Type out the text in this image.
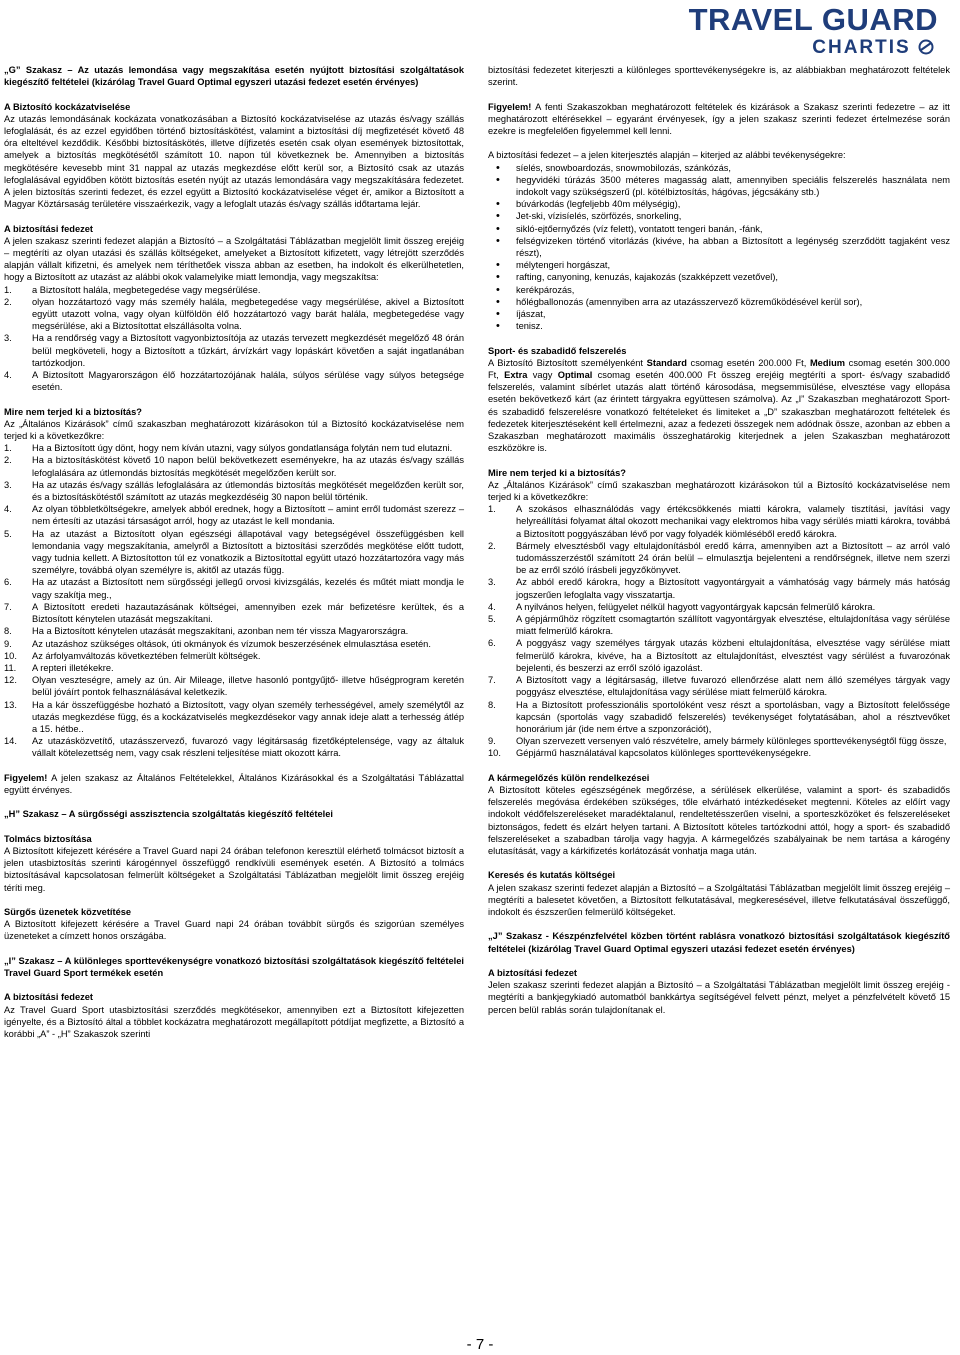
TRAVEL GUARD
CHARTIS
„G” Szakasz – Az utazás lemondása vagy megszakítása esetén nyújtott biztosítási szolgáltatások kiegészítő feltételei (kizárólag Travel Guard Optimal egyszeri utazási fedezet esetén érvényes)
A Biztosító kockázatviselése

Az utazás lemondásának kockázata vonatkozásában a Biztosító kockázatviselése az utazás és/vagy szállás lefoglalását, és az ezzel egyidőben történő biztosításkötést, valamint a biztosítási díj megfizetését követő 48 óra elteltével kezdődik. Későbbi biztosításkötés, illetve díjfizetés esetén csak olyan események biztosítottak, amelyek a biztosítás megkötésétől számított 10. napon túl következnek be. Amennyiben a biztosítás megkötésére kevesebb mint 31 nappal az utazás megkezdése előtt kerül sor, a Biztosító csak az utazás lefoglalásával egyidőben kötött biztosítás esetén nyújt az utazás lemondására vagy megszakítására fedezetet. A jelen biztosítás szerinti fedezet, és ezzel együtt a Biztosító kockázatviselése véget ér, amikor a Biztosított a Magyar Köztársaság területére visszaérkezik, vagy a lefoglalt utazás és/vagy szállás időtartama lejár.

A biztosítási fedezet

A jelen szakasz szerinti fedezet alapján a Biztosító – a Szolgáltatási Táblázatban megjelölt limit összeg erejéig – megtéríti az olyan utazási és szállás költségeket, amelyeket a Biztosított kifizetett, vagy létrejött szerződés alapján vállalt kifizetni, és amelyek nem téríthetőek vissza abban az esetben, ha indokolt és elkerülhetetlen, hogy a Biztosított az utazást az alábbi okok valamelyike miatt lemondja, vagy megszakítsa:

1. a Biztosított halála, megbetegedése vagy megsérülése.
2. olyan hozzátartozó vagy más személy halála, megbetegedése vagy megsérülése, akivel a Biztosított együtt utazott volna, vagy olyan külföldön élő hozzátartozó vagy barát halála, megbetegedése vagy megsérülése, aki a Biztosítottat elszállásolta volna.
3. Ha a rendőrség vagy a Biztosított vagyonbiztosítója az utazás tervezett megkezdését megelőző 48 órán belül megköveteli, hogy a Biztosított a tűzkárt, árvízkárt vagy lopáskárt követően a saját ingatlanában tartózkodjon.
4. A Biztosított Magyarországon élő hozzátartozójának halála, súlyos sérülése vagy súlyos betegsége esetén.
Mire nem terjed ki a biztosítás?

Az „Általános Kizárások” című szakaszban meghatározott kizárásokon túl a Biztosító kockázatviselése nem terjed ki a következőkre:

1. Ha a Biztosított úgy dönt, hogy nem kíván utazni, vagy súlyos gondatlansága folytán nem tud elutazni.
2. Ha a biztosításkötést követő 10 napon belül bekövetkezett eseményekre, ha az utazás és/vagy szállás lefoglalására az útlemondás biztosítás megkötését megelőzően került sor.
3. Ha az utazás és/vagy szállás lefoglalására az útlemondás biztosítás megkötését megelőzően került sor, és a biztosításkötéstől számított az utazás megkezdéséig 30 napon belül történik.
4. Az olyan többletköltségekre, amelyek abból erednek, hogy a Biztosított – amint erről tudomást szerezz – nem értesíti az utazási társaságot arról, hogy az utazást le kell mondania.
5. Ha az utazást a Biztosított olyan egészségi állapotával vagy betegségével összefüggésben kell lemondania vagy megszakítania, amelyről a Biztosított a biztosítási szerződés megkötése előtt tudott, vagy tudnia kellett. A Biztosítotton túl ez vonatkozik a Biztosítottal együtt utazó hozzátartozóra vagy más személyre, továbbá olyan személyre is, akitől az utazás függ.
6. Ha az utazást a Biztosított nem sürgősségi jellegű orvosi kivizsgálás, kezelés és műtét miatt mondja le vagy szakítja meg.,
7. A Biztosított eredeti hazautazásának költségei, amennyiben ezek már befizetésre kerültek, és a Biztosított kénytelen utazását megszakítani.
8. Ha a Biztosított kénytelen utazását megszakítani, azonban nem tér vissza Magyarországra.
9. Az utazáshoz szükséges oltások, úti okmányok és vízumok beszerzésének elmulasztása esetén.
10. Az árfolyamváltozás következtében felmerült költségek.
11. A repteri illetékekre.
12. Olyan veszteségre, amely az ún. Air Mileage, illetve hasonló pontgyűjtő- illetve hűségprogram keretén belül jóváírt pontok felhasználásával keletkezik.
13. Ha a kár összefüggésbe hozható a Biztosított, vagy olyan személy terhességével, amely személytől az utazás megkezdése függ, és a kockázatviselés megkezdésekor vagy annak ideje alatt a terhesség átlép a 15. hétbe..
14. Az utazásközvetítő, utazásszervező, fuvarozó vagy légitársaság fizetőképtelensége, vagy az általuk vállalt kötelezettség nem, vagy csak részleni teljesítése miatt okozott kárra.

Figyelem! A jelen szakasz az Általános Feltételekkel, Általános Kizárásokkal és a Szolgáltatási Táblázattal együtt érvényes.

„H” Szakasz – A sürgősségi asszisztencia szolgáltatás kiegészítő feltételei
Tolmács biztosítása

A Biztosított kifejezett kérésére a Travel Guard napi 24 órában telefonon keresztül elérhető tolmácsot biztosít a jelen utasbiztosítás szerinti károgénnyel összefüggő rendkívüli események esetén. A Biztosító a tolmács biztosításával kapcsolatosan felmerült költségeket a Szolgáltatási Táblázatban megjelölt limit összeg erejéig téríti meg.

Sürgős üzenetek közvetítése

A Biztosított kifejezett kérésére a Travel Guard napi 24 órában továbbít sürgős és szigorúan személyes üzeneteket a címzett honos országába.

„I” Szakasz – A különleges sporttevékenységre vonatkozó biztosítási szolgáltatások kiegészítő feltételei Travel Guard Sport termékek esetén
A biztosítási fedezet

Az Travel Guard Sport utasbiztosítási szerződés megkötésekor, amennyiben ezt a Biztosított kifejezetten igényelte, és a Biztosító által a többlet kockázatra meghatározott megállapított pótdíjat megfizette, a Biztosító a korábbi „A” - „H” Szakaszok szerinti

biztosítási fedezetet kiterjeszti a különleges sporttevékenységekre is, az alábbiakban meghatározott feltételek szerint.

Figyelem! A fenti Szakaszokban meghatározott feltételek és kizárások a Szakasz szerinti fedezetre – az itt meghatározott eltérésekkel – egyaránt érvényesek, így a jelen szakasz szerinti fedezet értelmezése során ezekre is megfelelően figyelemmel kell lenni.

A biztosítási fedezet – a jelen kiterjesztés alapján – kiterjed az alábbi tevékenységekre:

• síelés, snowboardozás, snowmobilozás, szánkózás,
• hegyvidéki túrázás 3500 méteres magasság alatt, amennyiben speciális felszerelés használata nem indokolt vagy szükségszerű (pl. kötélbiztosítás, hágóvas, jégcsákány stb.)
• búvárkodás (legfeljebb 40m mélységig),
• Jet-ski, vízisíelés, szörfözés, snorkeling,
• sikló-ejtőernyőzés (víz felett), vontatott tengeri banán, -fánk,
• felségvizeken történő vitorlázás (kivéve, ha abban a Biztosított a legénység szerződött tagjaként vesz részt),
• mélytengeri horgászat,
• rafting, canyoning, kenuzás, kajakozás (szakképzett vezetővel),
• kerékpározás,
• hőlégballonozás (amennyiben arra az utazásszervező közreműködésével kerül sor),
• íjászat,
• tenisz.
Sport- és szabadidő felszerelés

A Biztosító Biztosított személyenként Standard csomag esetén 200.000 Ft, Medium csomag esetén 300.000 Ft, Extra vagy Optimal csomag esetén 400.000 Ft összeg erejéig megtéríti a sport- és/vagy szabadidő felszerelés, valamint síbérlet utazás alatt történő károsodása, megsemmisülése, elvesztése vagy ellopása esetén bekövetkező kárt (az érintett tárgyakra együttesen számolva). Az „I” Szakaszban meghatározott Sport- és szabadidő felszerelésre vonatkozó feltételeket és limiteket a „D” szakaszban meghatározott feltételek és fedezetek kiterjesztéseként kell értelmezni, azaz a fedezeti összegek nem adódnak össze, azonban az ebben a Szakaszban meghatározott maximális összeghatárokig kiterjednek a jelen Szakaszban meghatározott eszközökre is.

Mire nem terjed ki a biztosítás?

Az „Általános Kizárások” című szakaszban meghatározott kizárásokon túl a Biztosító kockázatviselése nem terjed ki a következőkre:

1. A szokásos elhasználódás vagy értékcsökkenés miatti károkra, valamely tisztítási, javítási vagy helyreállítási folyamat által okozott mechanikai vagy elektromos hiba vagy sérülés miatti károkra, továbbá a Biztosított poggyászában lévő por vagy folyadék kiömléséből eredő károkra.
2. Bármely elvesztésből vagy eltulajdonításból eredő kárra, amennyiben azt a Biztosított – az arról való tudomásszerzéstől számított 24 órán belül – elmulasztja bejelenteni a rendőrségnek, illetve nem szerzi be az erről szóló írásbeli jegyzőkönyvet.
3. Az abból eredő károkra, hogy a Biztosított vagyontárgyait a vámhatóság vagy bármely más hatóság jogszerűen lefoglalta vagy visszatartja.
4. A nyilvános helyen, felügyelet nélkül hagyott vagyontárgyak kapcsán felmerülő károkra.
5. A gépjárműhöz rögzített csomagtartón szállított vagyontárgyak elvesztése, eltulajdonítása vagy sérülése miatt felmerülő károkra.
6. A poggyász vagy személyes tárgyak utazás közbeni eltulajdonítása, elvesztése vagy sérülése miatt felmerülő károkra, kivéve, ha a Biztosított az eltulajdonítást, elvesztést vagy sérülést a fuvarozónak bejelenti, és beszerzi az erről szóló igazolást.
7. A Biztosított vagy a légitársaság, illetve fuvarozó ellenőrzése alatt nem álló személyes tárgyak vagy poggyász elvesztése, eltulajdonítása vagy sérülése miatt felmerülő károkra.
8. Ha a Biztosított professzionális sportolóként vesz részt a sportolásban, vagy a Biztosított felelőssége kapcsán (sportolás vagy szabadidő felszerelés) tevékenységet folytatásában, ahol a résztvevőket honorárium jár (ide nem értve a szponzorációt),
9. Olyan szervezett versenyen való részvételre, amely bármely különleges sporttevékenységtől függ össze,
10. Gépjármű használatával kapcsolatos különleges sporttevékenységekre.
A kármegelőzés külön rendelkezései

A Biztosított köteles egészségének megőrzése, a sérülések elkerülése, valamint a sport- és szabadidős felszerelés megóvása érdekében szükséges, tőle elvárható intézkedéseket megtenni. Köteles az előírt vagy indokolt védőfelszereléseket maradéktalanul, rendeltetésszerűen viselni, a sporteszközöket és felszereléseket biztonságos, fedett és elzárt helyen tartani. A Biztosított köteles tartózkodni attól, hogy a sport- és szabadidő felszereléseket a szabadban tárolja vagy hagyja. A kármegelőzés szabályainak be nem tartása a károgény elutasítását, vagy a kárkifizetés korlátozását vonhatja maga után.

Keresés és kutatás költségei

A jelen szakasz szerinti fedezet alapján a Biztosító – a Szolgáltatási Táblázatban megjelölt limit összeg erejéig – megtéríti a balesetet követően, a Biztosított felkutatásával, megkeresésével, illetve felkutatásával összefüggő, indokolt és észszerűen felmerülő költségeket.

„J” Szakasz - Készpénzfelvétel közben történt rablásra vonatkozó biztosítási szolgáltatások kiegészítő feltételei (kizárólag Travel Guard Optimal egyszeri utazási fedezet esetén érvényes)
A biztosítási fedezet

Jelen szakasz szerinti fedezet alapján a Biztosító – a Szolgáltatási Táblázatban megjelölt limit összeg erejéig - megtéríti a bankjegykiadó automatból bankkártya segítségével felvett pénzt, melyet a pénzfelvételt követő 15 percen belül rablás során tulajdonítanak el.

- 7 -
